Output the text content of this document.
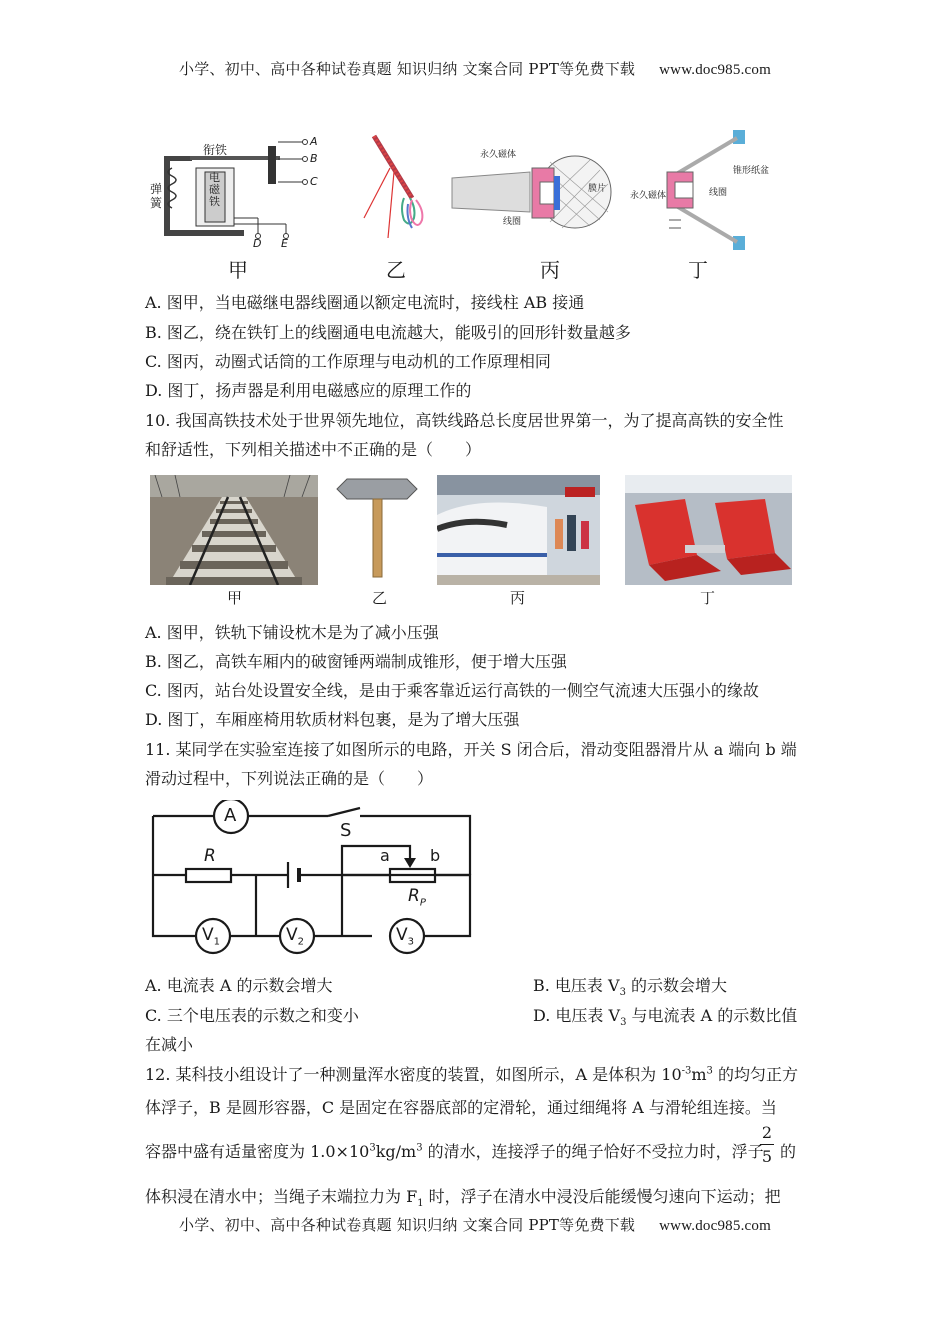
小学、初中、高中各种试卷真题 知识归纳 文案合同 PPT等免费下载 www.doc985.com
衔铁
弹簧
电磁铁
A
B
C
D E
永久磁体
膜片
线圈
锥形纸盆
永久磁体	线圈
甲	乙	丙	丁
A. 图甲，当电磁继电器线圈通以额定电流时，接线柱 AB 接通
B. 图乙，绕在铁钉上的线圈通电电流越大，能吸引的回形针数量越多
C. 图丙，动圈式话筒的工作原理与电动机的工作原理相同
D. 图丁，扬声器是利用电磁感应的原理工作的
10. 我国高铁技术处于世界领先地位，高铁线路总长度居世界第一，为了提高高铁的安全性
和舒适性，下列相关描述中不正确的是（　　）
甲	乙	丙	丁
A. 图甲，铁轨下铺设枕木是为了减小压强
B. 图乙，高铁车厢内的破窗锤两端制成锥形，便于增大压强
C. 图丙，站台处设置安全线，是由于乘客靠近运行高铁的一侧空气流速大压强小的缘故
D. 图丁，车厢座椅用软质材料包裹，是为了增大压强
11. 某同学在实验室连接了如图所示的电路，开关 S 闭合后，滑动变阻器滑片从 a 端向 b 端
滑动过程中，下列说法正确的是（　　）
A
S
R	a	b
$R_P$
$V_1$	$V_2$	$V_3$
A. 电流表 A 的示数会增大	B. 电压表 $V_3$ 的示数会增大
C. 三个电压表的示数之和变小	D. 电压表 $V_3$ 与电流表 A 的示数比值
在减小
12. 某科技小组设计了一种测量浑水密度的装置，如图所示，A 是体积为 $10^{-3}m^3$ 的均匀正方
体浮子，B 是圆形容器，C 是固定在容器底部的定滑轮，通过细绳将 A 与滑轮组连接。当
容器中盛有适量密度为 $1.0\times 10^3kg/m^3$ 的清水，连接浮子的绳子恰好不受拉力时，浮子
2
5 的
体积浸在清水中；当绳子末端拉力为 $F_1$ 时，浮子在清水中浸没后能缓慢匀速向下运动；把
小学、初中、高中各种试卷真题 知识归纳 文案合同 PPT等免费下载 www.doc985.com
